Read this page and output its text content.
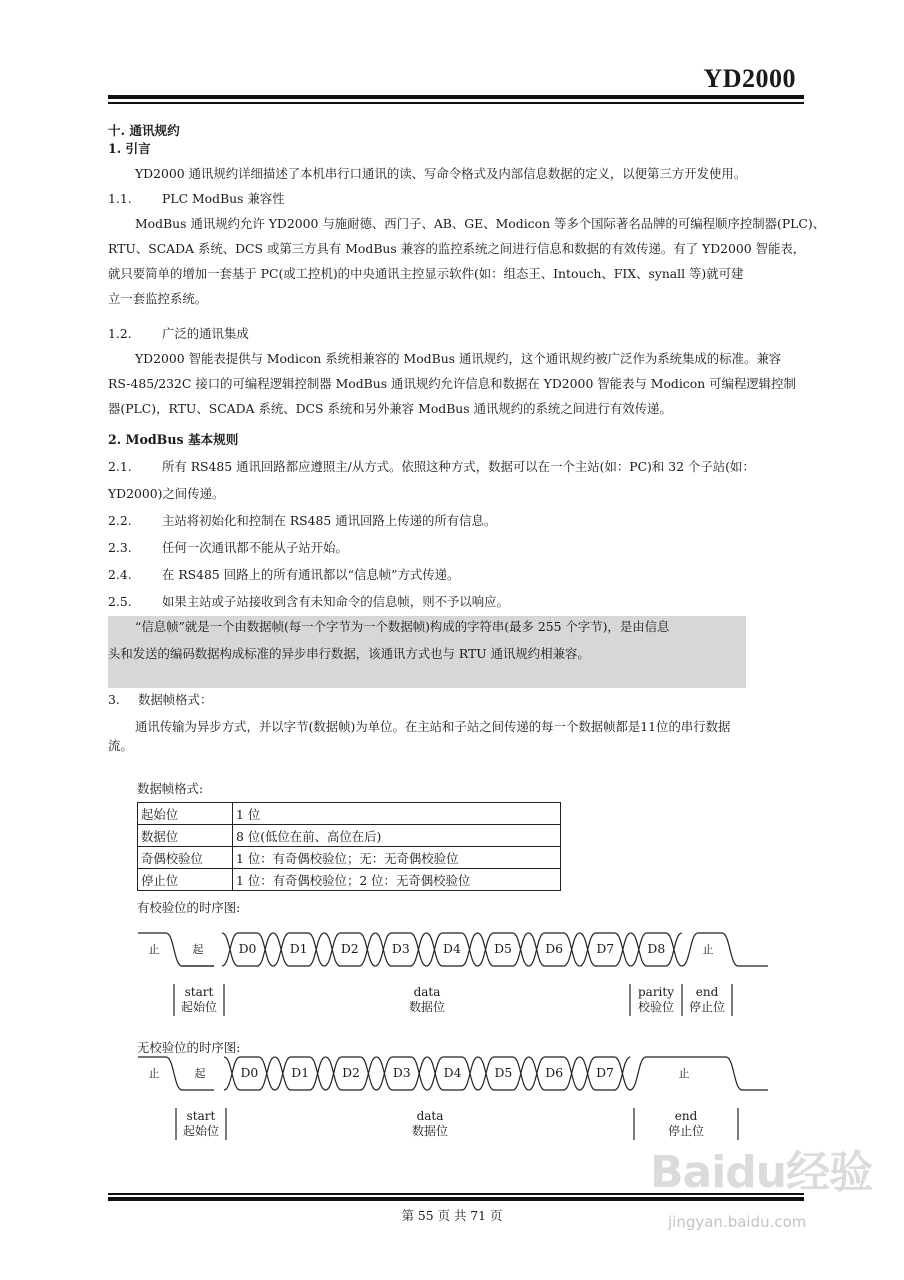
YD2000
十. 通讯规约
1. 引言
YD2000 通讯规约详细描述了本机串行口通讯的读、写命令格式及内部信息数据的定义，以便第三方开发使用。
1.1. PLC ModBus 兼容性
ModBus 通讯规约允许 YD2000 与施耐德、西门子、AB、GE、Modicon 等多个国际著名品牌的可编程顺序控制器(PLC)、
RTU、SCADA 系统、DCS 或第三方具有 ModBus 兼容的监控系统之间进行信息和数据的有效传递。有了 YD2000 智能表，
就只要简单的增加一套基于 PC(或工控机)的中央通讯主控显示软件(如：组态王、Intouch、FIX、synall 等)就可建
立一套监控系统。
1.2. 广泛的通讯集成
YD2000 智能表提供与 Modicon 系统相兼容的 ModBus 通讯规约，这个通讯规约被广泛作为系统集成的标准。兼容
RS-485/232C 接口的可编程逻辑控制器 ModBus 通讯规约允许信息和数据在 YD2000 智能表与 Modicon 可编程逻辑控制
器(PLC)，RTU、SCADA 系统、DCS 系统和另外兼容 ModBus 通讯规约的系统之间进行有效传递。
2. ModBus 基本规则
2.1. 所有 RS485 通讯回路都应遵照主/从方式。依照这种方式，数据可以在一个主站(如：PC)和 32 个子站(如：
YD2000)之间传递。
2.2. 主站将初始化和控制在 RS485 通讯回路上传递的所有信息。
2.3. 任何一次通讯都不能从子站开始。
2.4. 在 RS485 回路上的所有通讯都以“信息帧”方式传递。
2.5. 如果主站或子站接收到含有未知命令的信息帧，则不予以响应。
“信息帧”就是一个由数据帧(每一个字节为一个数据帧)构成的字符串(最多 255 个字节)，是由信息
头和发送的编码数据构成标准的异步串行数据，该通讯方式也与 RTU 通讯规约相兼容。
3. 数据帧格式：
通讯传输为异步方式，并以字节(数据帧)为单位。在主站和子站之间传递的每一个数据帧都是11位的串行数据
流。
数据帧格式:
起始位	1 位
数据位	8 位(低位在前、高位在后)
奇偶校验位	1 位：有奇偶校验位；无：无奇偶校验位
停止位	1 位：有奇偶校验位；2 位：无奇偶校验位
有校验位的时序图:
止	起	D0	D1	D2	D3	D4	D5	D6	D7	D8	止
start
起始位
data
数据位
parity
校验位
end
停止位
无校验位的时序图:
止	起	D0	D1	D2	D3	D4	D5	D6	D7	止
start
起始位
data
数据位
end
停止位
第 55 页 共 71 页
Baidu经验
jingyan.baidu.com
